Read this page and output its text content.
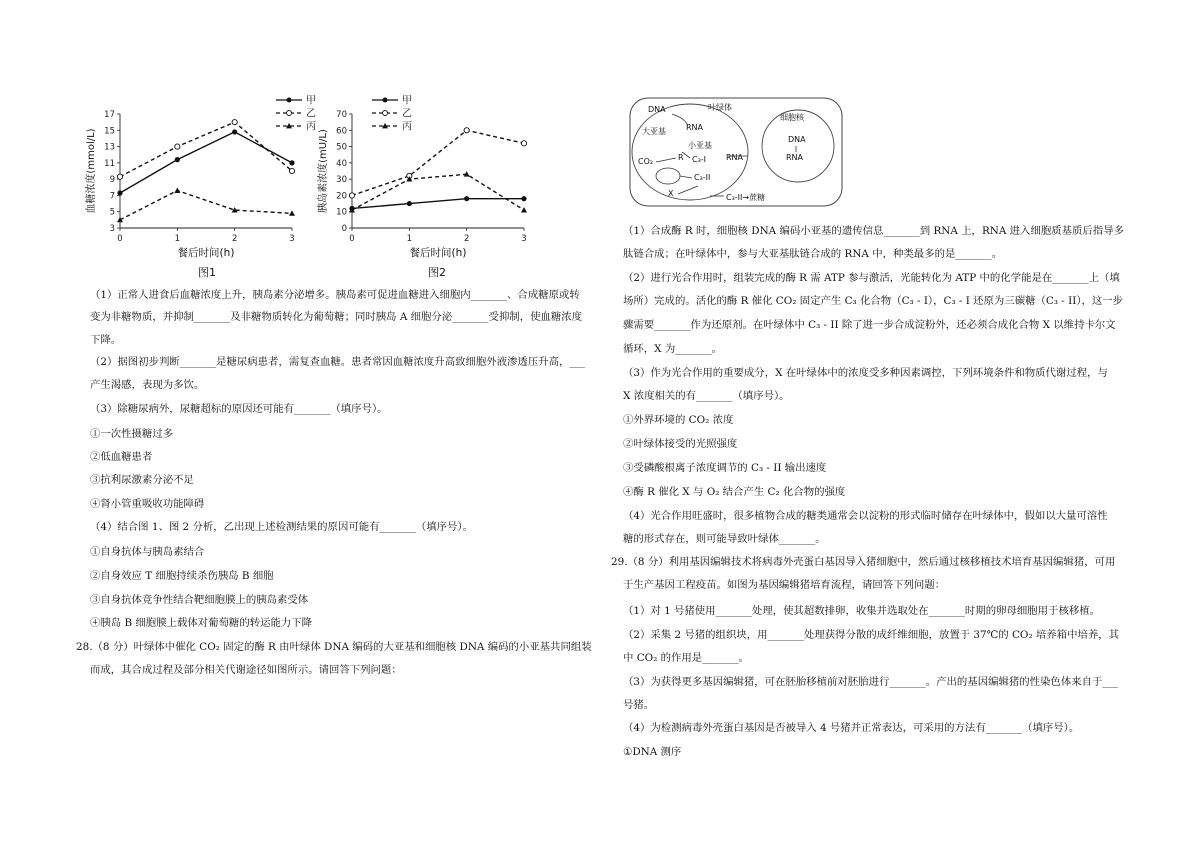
3
5
7
9
11
13
15
17
0	1	2	3
餐后时间(h)
血糖浓度(mmol/L)
甲
乙
丙
0
10
20
30
40
50
60
70
0	1	2	3
餐后时间(h)
胰岛素浓度(mU/L)
甲
乙
丙
DNA	叶绿体
细胞核
RNA
大亚基
小亚基
R C₃-I
CO₂	RNA
DNA
RNA
C₃-II
X	C₃-II→蔗糖
图1	图2
（1）正常人进食后血糖浓度上升，胰岛素分泌增多。胰岛素可促进血糖进入细胞内_______、合成糖原或转
变为非糖物质，并抑制_______及非糖物质转化为葡萄糖；同时胰岛 A 细胞分泌_______受抑制，使血糖浓度
下降。
（2）据图初步判断_______是糖尿病患者，需复查血糖。患者常因血糖浓度升高致细胞外液渗透压升高，___
产生渴感，表现为多饮。
（3）除糖尿病外，尿糖超标的原因还可能有_______（填序号）。
①一次性摄糖过多
②低血糖患者
③抗利尿激素分泌不足
④肾小管重吸收功能障碍
（4）结合图 1、图 2 分析，乙出现上述检测结果的原因可能有_______（填序号）。
①自身抗体与胰岛素结合
②自身效应 T 细胞持续杀伤胰岛 B 细胞
③自身抗体竞争性结合靶细胞膜上的胰岛素受体
④胰岛 B 细胞膜上载体对葡萄糖的转运能力下降
28.（8 分）叶绿体中催化 CO₂ 固定的酶 R 由叶绿体 DNA 编码的大亚基和细胞核 DNA 编码的小亚基共同组装
而成，其合成过程及部分相关代谢途径如图所示。请回答下列问题：
（1）合成酶 R 时，细胞核 DNA 编码小亚基的遗传信息_______到 RNA 上，RNA 进入细胞质基质后指导多
肽链合成；在叶绿体中，参与大亚基肽链合成的 RNA 中，种类最多的是_______。
（2）进行光合作用时，组装完成的酶 R 需 ATP 参与激活，光能转化为 ATP 中的化学能是在_______上（填
场所）完成的。活化的酶 R 催化 CO₂ 固定产生 C₃ 化合物（C₃ - I），C₃ - I 还原为三碳糖（C₃ - II），这一步
骤需要_______作为还原剂。在叶绿体中 C₃ - II 除了进一步合成淀粉外，还必须合成化合物 X 以维持卡尔文
循环，X 为_______。
（3）作为光合作用的重要成分，X 在叶绿体中的浓度受多种因素调控，下列环境条件和物质代谢过程，与
X 浓度相关的有_______（填序号）。
①外界环境的 CO₂ 浓度
②叶绿体接受的光照强度
③受磷酸根离子浓度调节的 C₃ - II 输出速度
④酶 R 催化 X 与 O₂ 结合产生 C₂ 化合物的强度
（4）光合作用旺盛时，很多植物合成的糖类通常会以淀粉的形式临时储存在叶绿体中，假如以大量可溶性
糖的形式存在，则可能导致叶绿体_______。
29.（8 分）利用基因编辑技术将病毒外壳蛋白基因导入猪细胞中，然后通过核移植技术培育基因编辑猪，可用
于生产基因工程疫苗。如图为基因编辑猪培育流程，请回答下列问题：
（1）对 1 号猪使用_______处理，使其超数排卵，收集并选取处在_______时期的卵母细胞用于核移植。
（2）采集 2 号猪的组织块，用_______处理获得分散的成纤维细胞，放置于 37℃的 CO₂ 培养箱中培养，其
中 CO₂ 的作用是_______。
（3）为获得更多基因编辑猪，可在胚胎移植前对胚胎进行_______。产出的基因编辑猪的性染色体来自于___
号猪。
（4）为检测病毒外壳蛋白基因是否被导入 4 号猪并正常表达，可采用的方法有_______（填序号）。
①DNA 测序
